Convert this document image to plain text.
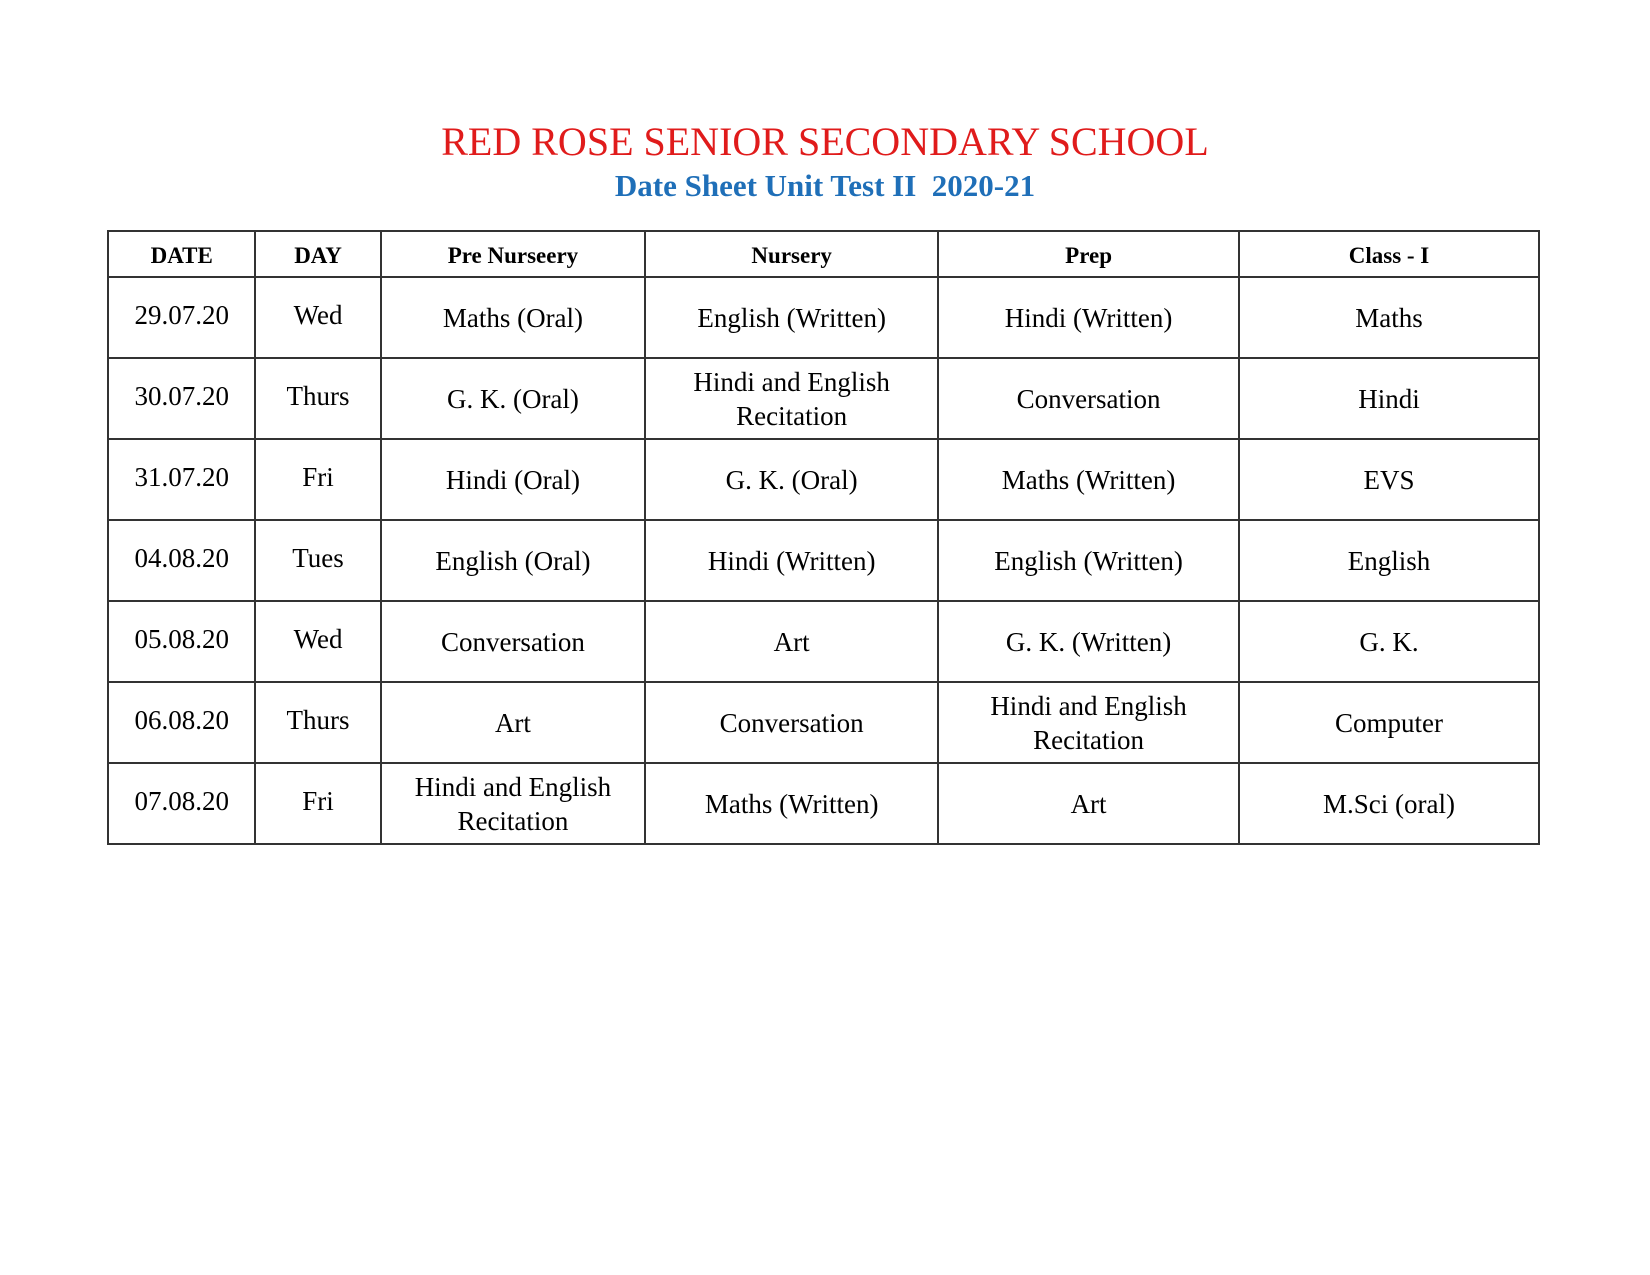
RED ROSE SENIOR SECONDARY SCHOOL
Date Sheet Unit Test II  2020-21
DATE	DAY	Pre Nurseery	Nursery	Prep	Class - I
29.07.20	Wed	Maths (Oral)	English (Written)	Hindi (Written)	Maths
30.07.20	Thurs	G. K. (Oral)	Hindi and English Recitation	Conversation	Hindi
31.07.20	Fri	Hindi (Oral)	G. K. (Oral)	Maths (Written)	EVS
04.08.20	Tues	English (Oral)	Hindi (Written)	English (Written)	English
05.08.20	Wed	Conversation	Art	G. K. (Written)	G. K.
06.08.20	Thurs	Art	Conversation	Hindi and English Recitation	Computer
07.08.20	Fri	Hindi and English Recitation	Maths (Written)	Art	M.Sci (oral)
